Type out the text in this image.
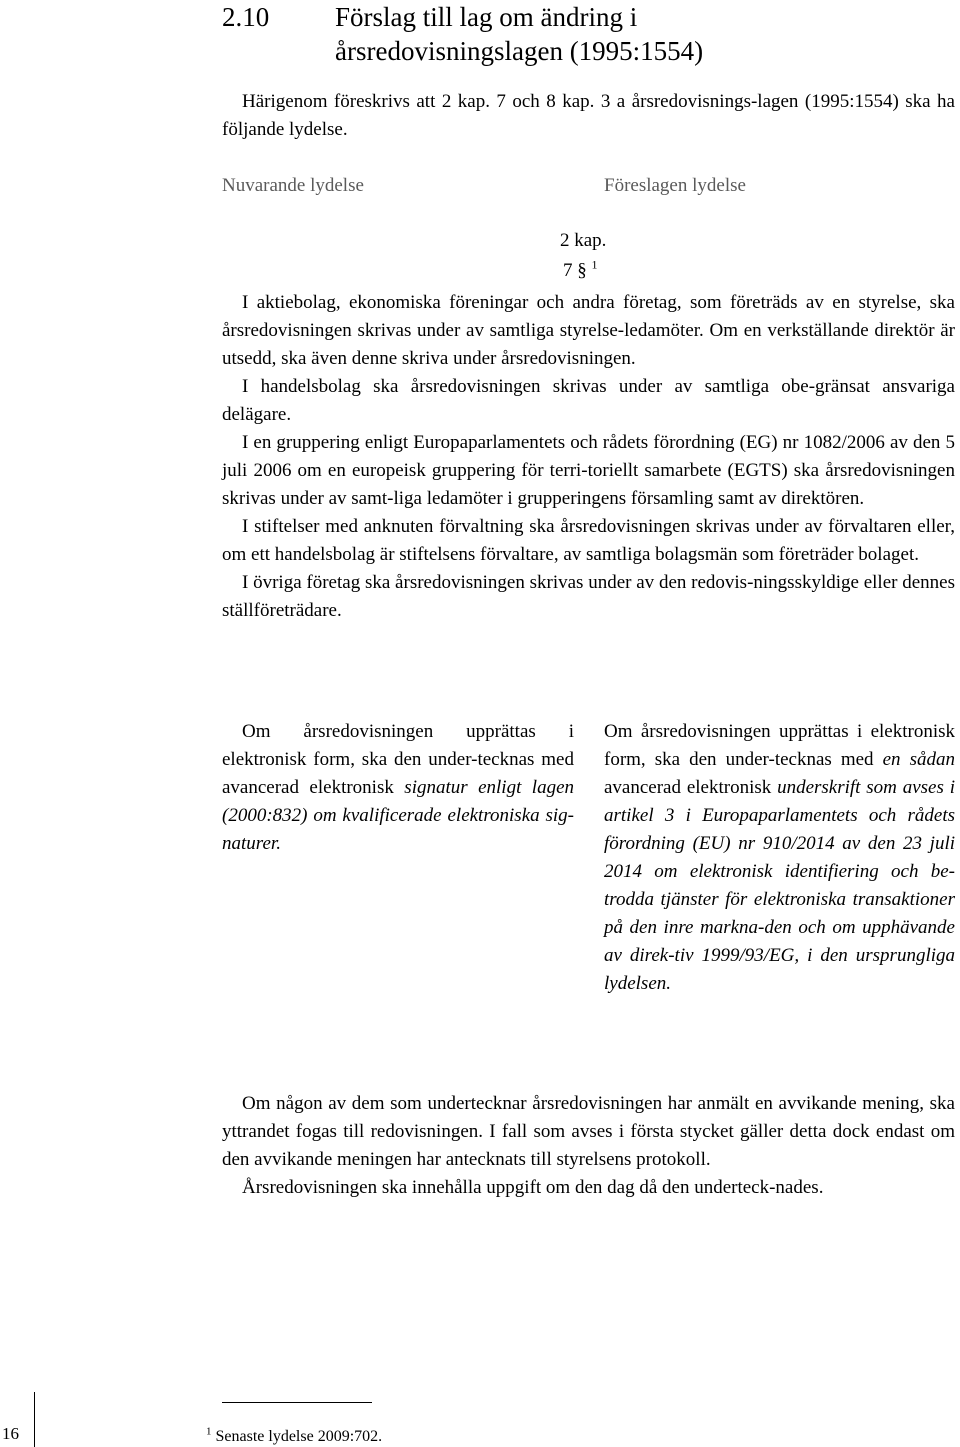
2.10 Förslag till lag om ändring i
årsredovisningslagen (1995:1554)

Härigenom föreskrivs att 2 kap. 7 och 8 kap. 3 a årsredovisnings-lagen (1995:1554) ska ha följande lydelse.

Nuvarande lydelse	Föreslagen lydelse
2 kap.
7 § $^1$

I aktiebolag, ekonomiska föreningar och andra företag, som företräds av en styrelse, ska årsredovisningen skrivas under av samtliga styrelse-ledamöter. Om en verkställande direktör är utsedd, ska även denne skriva under årsredovisningen.

I handelsbolag ska årsredovisningen skrivas under av samtliga obe-gränsat ansvariga delägare.

I en gruppering enligt Europaparlamentets och rådets förordning (EG) nr 1082/2006 av den 5 juli 2006 om en europeisk gruppering för terri-toriellt samarbete (EGTS) ska årsredovisningen skrivas under av samt-liga ledamöter i grupperingens församling samt av direktören.

I stiftelser med anknuten förvaltning ska årsredovisningen skrivas under av förvaltaren eller, om ett handelsbolag är stiftelsens förvaltare, av samtliga bolagsmän som företräder bolaget.

I övriga företag ska årsredovisningen skrivas under av den redovis-ningsskyldige eller dennes ställföreträdare.

Om årsredovisningen upprättas i elektronisk form, ska den under-tecknas med avancerad elektronisk signatur enligt lagen (2000:832) om kvalificerade elektroniska sig-naturer.

Om årsredovisningen upprättas i elektronisk form, ska den under-tecknas med en sådan avancerad elektronisk underskrift som avses i artikel 3 i Europaparlamentets och rådets förordning (EU) nr 910/2014 av den 23 juli 2014 om elektronisk identifiering och be-trodda tjänster för elektroniska transaktioner på den inre markna-den och om upphävande av direk-tiv 1999/93/EG, i den ursprungliga lydelsen.

Om någon av dem som undertecknar årsredovisningen har anmält en avvikande mening, ska yttrandet fogas till redovisningen. I fall som avses i första stycket gäller detta dock endast om den avvikande meningen har antecknats till styrelsens protokoll.

Årsredovisningen ska innehålla uppgift om den dag då den underteck-nades.

$^1$ Senaste lydelse 2009:702.
16
